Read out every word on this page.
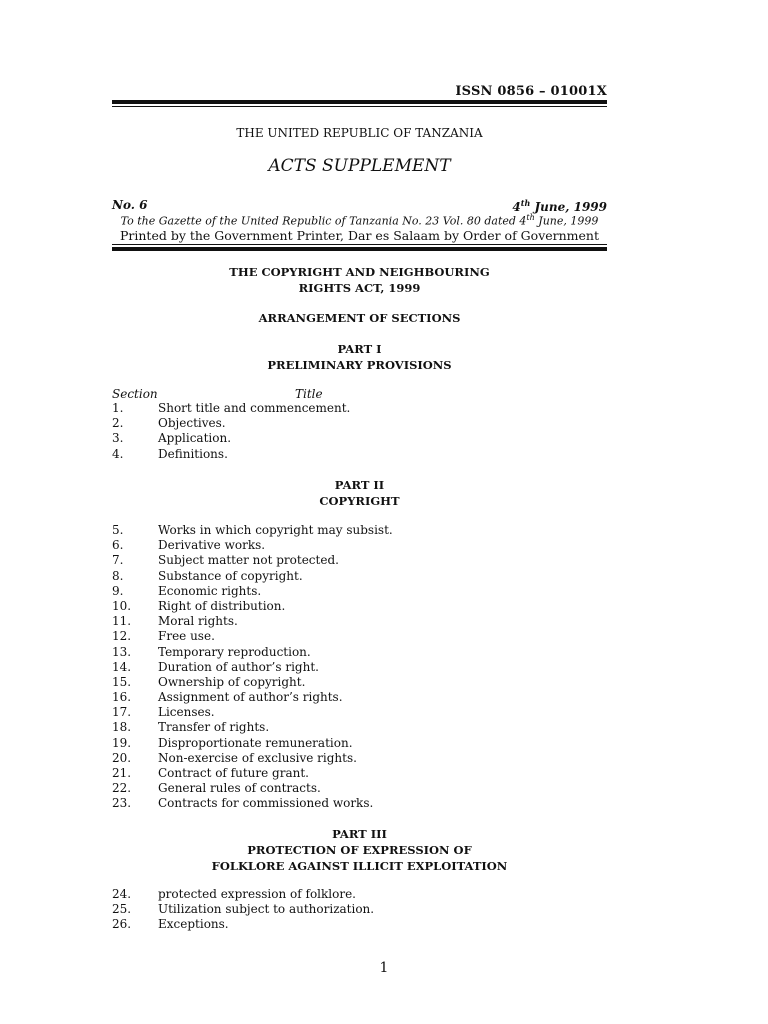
ISSN 0856 – 01001X
THE UNITED REPUBLIC OF TANZANIA
ACTS SUPPLEMENT
No. 6	4th June, 1999
To the Gazette of the United Republic of Tanzania No. 23 Vol. 80 dated 4th June, 1999
Printed by the Government Printer, Dar es Salaam by Order of Government
THE COPYRIGHT AND NEIGHBOURING
RIGHTS ACT, 1999
ARRANGEMENT OF SECTIONS
PART I
PRELIMINARY PROVISIONS
Section	Title
1.	Short title and commencement.
2.	Objectives.
3.	Application.
4.	Definitions.
PART II
COPYRIGHT
5.	Works in which copyright may subsist.
6.	Derivative works.
7.	Subject matter not protected.
8.	Substance of copyright.
9.	Economic rights.
10. Right of distribution.
11. Moral rights.
12. Free use.
13. Temporary reproduction.
14. Duration of author’s right.
15. Ownership of copyright.
16. Assignment of author’s rights.
17. Licenses.
18. Transfer of rights.
19. Disproportionate remuneration.
20. Non-exercise of exclusive rights.
21. Contract of future grant.
22. General rules of contracts.
23. Contracts for commissioned works.
PART III
PROTECTION OF EXPRESSION OF
FOLKLORE AGAINST ILLICIT EXPLOITATION
24. protected expression of folklore.
25. Utilization subject to authorization.
26. Exceptions.
1
